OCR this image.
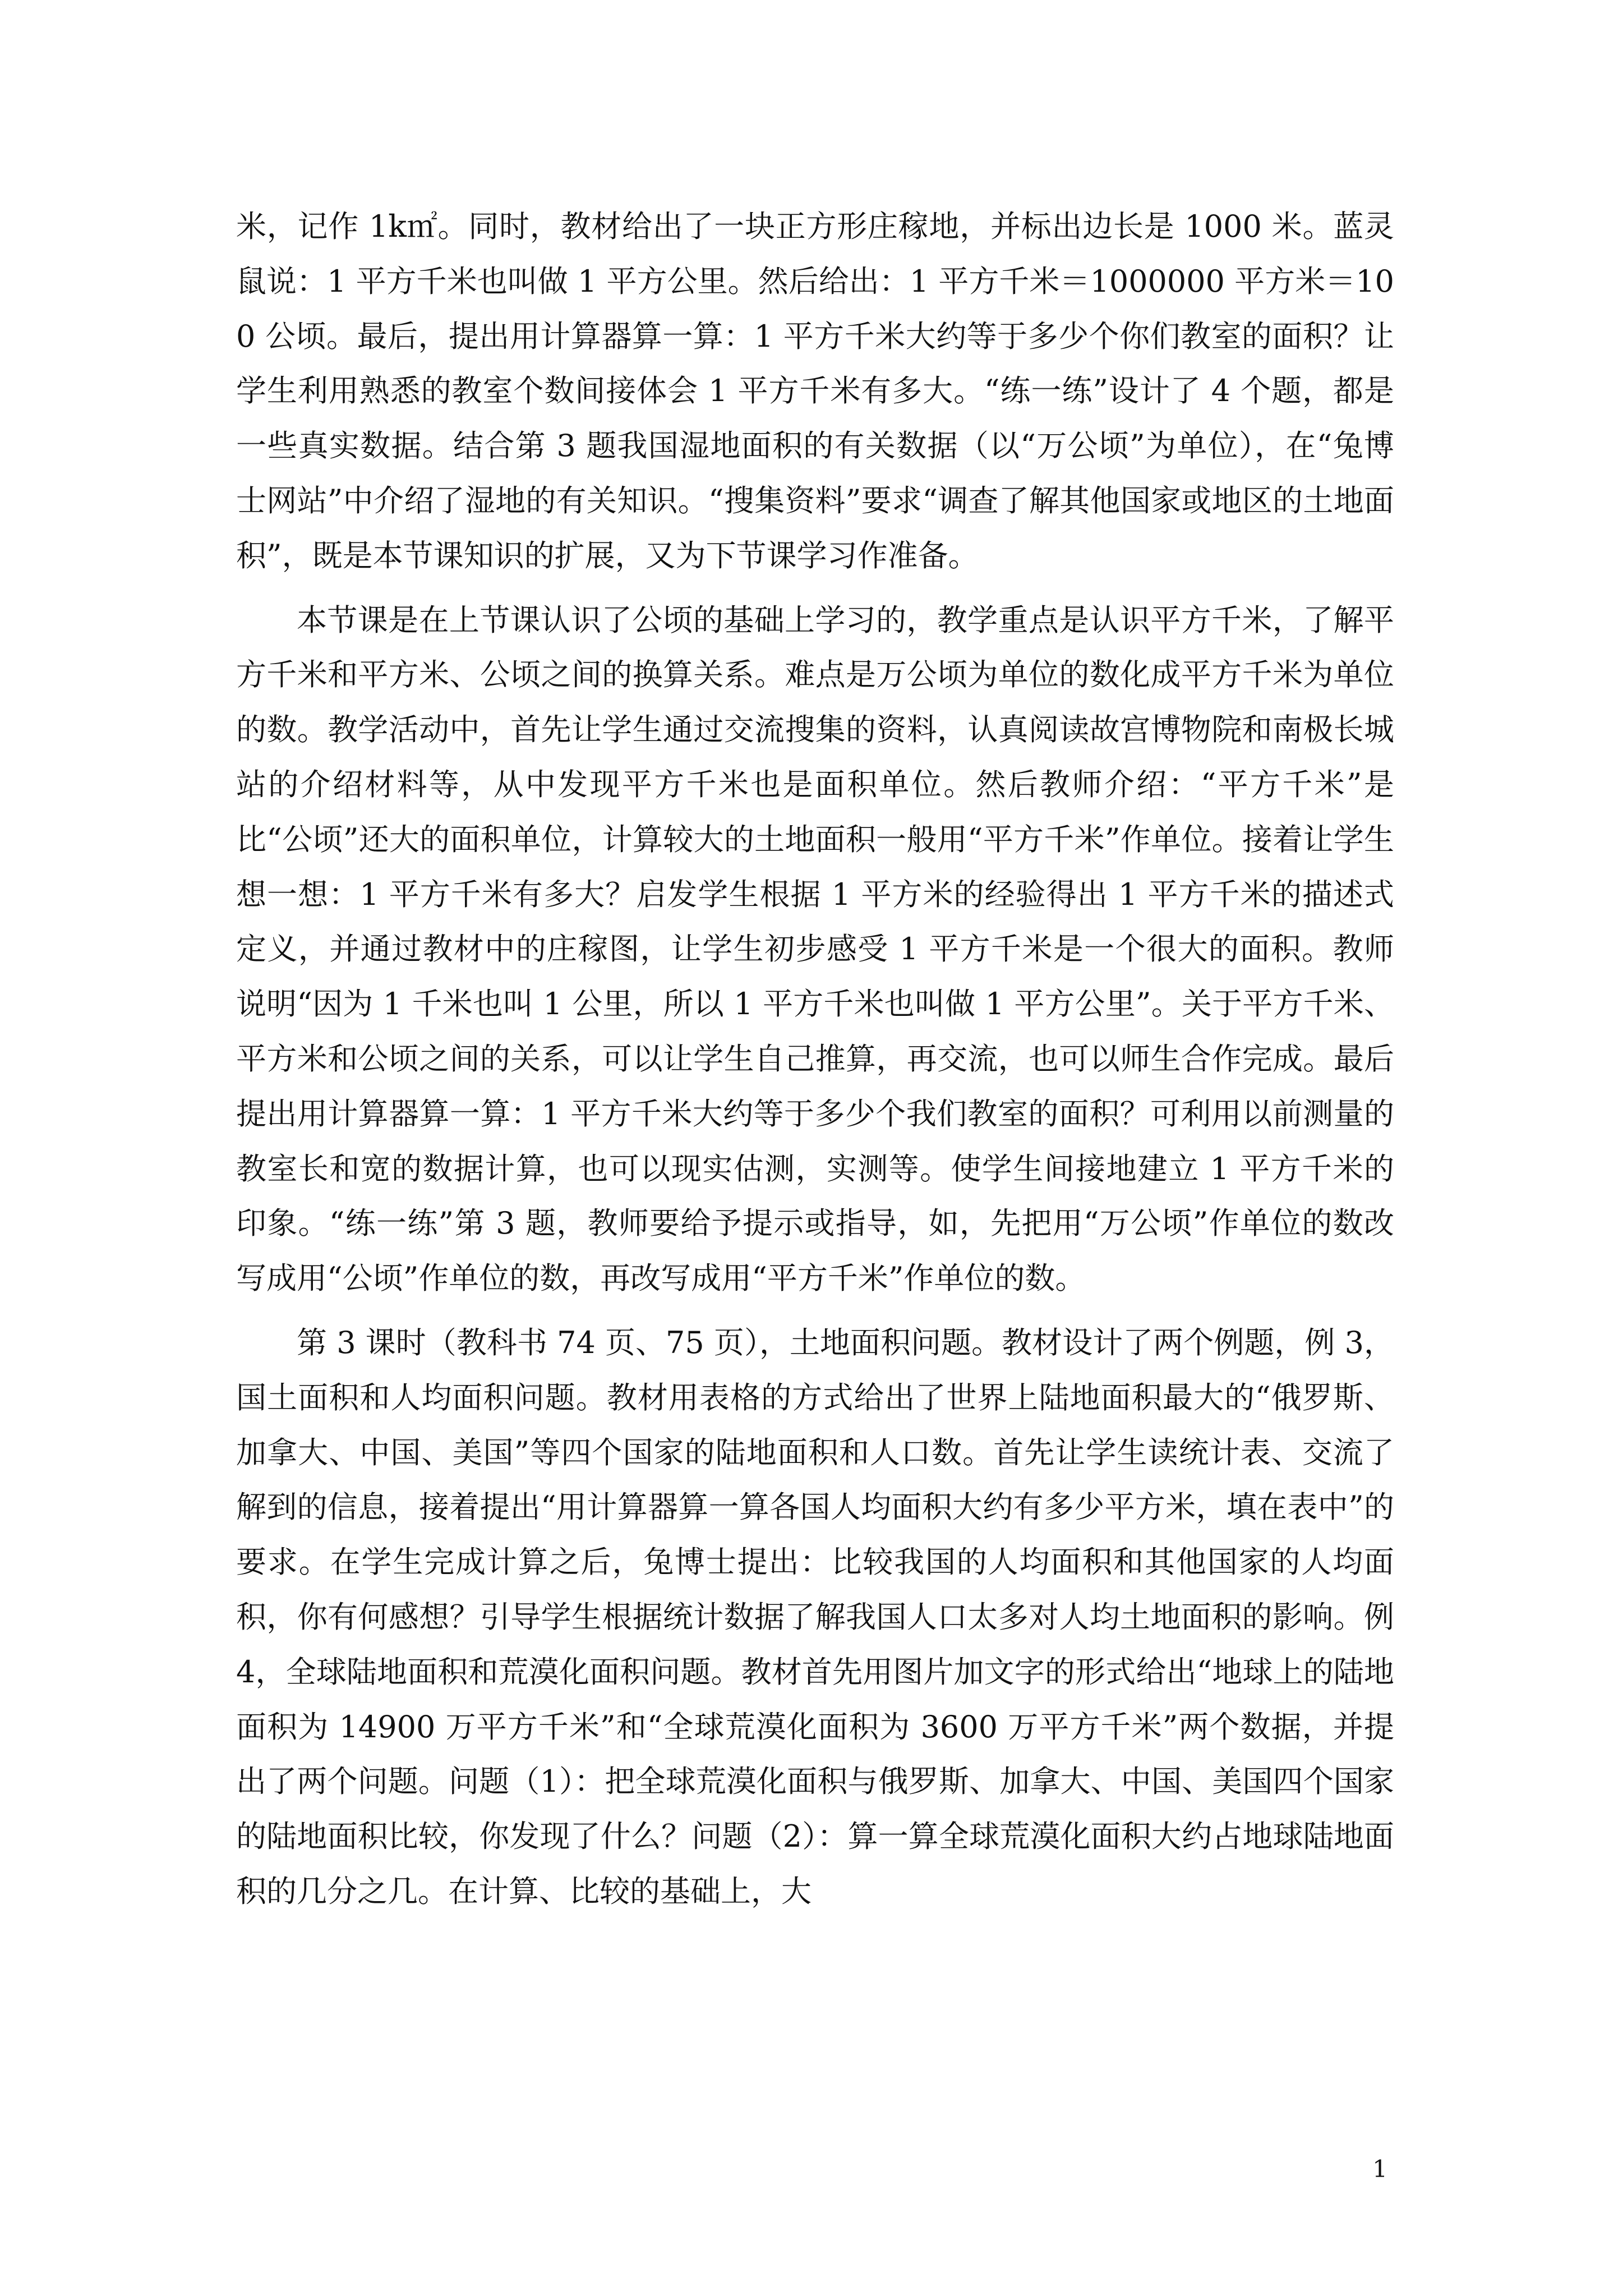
米，记作 1k㎡。同时，教材给出了一块正方形庄稼地，并标出边长是 1000 米。蓝灵鼠说：1 平方千米也叫做 1 平方公里。然后给出：1 平方千米＝1000000 平方米＝100 公顷。最后，提出用计算器算一算：1 平方千米大约等于多少个你们教室的面积？让学生利用熟悉的教室个数间接体会 1 平方千米有多大。“练一练”设计了 4 个题，都是一些真实数据。结合第 3 题我国湿地面积的有关数据（以“万公顷”为单位），在“兔博士网站”中介绍了湿地的有关知识。“搜集资料”要求“调查了解其他国家或地区的土地面积”，既是本节课知识的扩展，又为下节课学习作准备。

本节课是在上节课认识了公顷的基础上学习的，教学重点是认识平方千米，了解平方千米和平方米、公顷之间的换算关系。难点是万公顷为单位的数化成平方千米为单位的数。教学活动中，首先让学生通过交流搜集的资料，认真阅读故宫博物院和南极长城站的介绍材料等，从中发现平方千米也是面积单位。然后教师介绍：“平方千米”是比“公顷”还大的面积单位，计算较大的土地面积一般用“平方千米”作单位。接着让学生想一想：1 平方千米有多大？启发学生根据 1 平方米的经验得出 1 平方千米的描述式定义，并通过教材中的庄稼图，让学生初步感受 1 平方千米是一个很大的面积。教师说明“因为 1 千米也叫 1 公里，所以 1 平方千米也叫做 1 平方公里”。关于平方千米、平方米和公顷之间的关系，可以让学生自己推算，再交流，也可以师生合作完成。最后提出用计算器算一算：1 平方千米大约等于多少个我们教室的面积？可利用以前测量的教室长和宽的数据计算，也可以现实估测，实测等。使学生间接地建立 1 平方千米的印象。“练一练”第 3 题，教师要给予提示或指导，如，先把用“万公顷”作单位的数改写成用“公顷”作单位的数，再改写成用“平方千米”作单位的数。

第 3 课时（教科书 74 页、75 页），土地面积问题。教材设计了两个例题，例 3，国土面积和人均面积问题。教材用表格的方式给出了世界上陆地面积最大的“俄罗斯、加拿大、中国、美国”等四个国家的陆地面积和人口数。首先让学生读统计表、交流了解到的信息，接着提出“用计算器算一算各国人均面积大约有多少平方米，填在表中”的要求。在学生完成计算之后，兔博士提出：比较我国的人均面积和其他国家的人均面积，你有何感想？引导学生根据统计数据了解我国人口太多对人均土地面积的影响。例 4，全球陆地面积和荒漠化面积问题。教材首先用图片加文字的形式给出“地球上的陆地面积为 14900 万平方千米”和“全球荒漠化面积为 3600 万平方千米”两个数据，并提出了两个问题。问题（1）：把全球荒漠化面积与俄罗斯、加拿大、中国、美国四个国家的陆地面积比较，你发现了什么？问题（2）：算一算全球荒漠化面积大约占地球陆地面积的几分之几。在计算、比较的基础上，大

1
